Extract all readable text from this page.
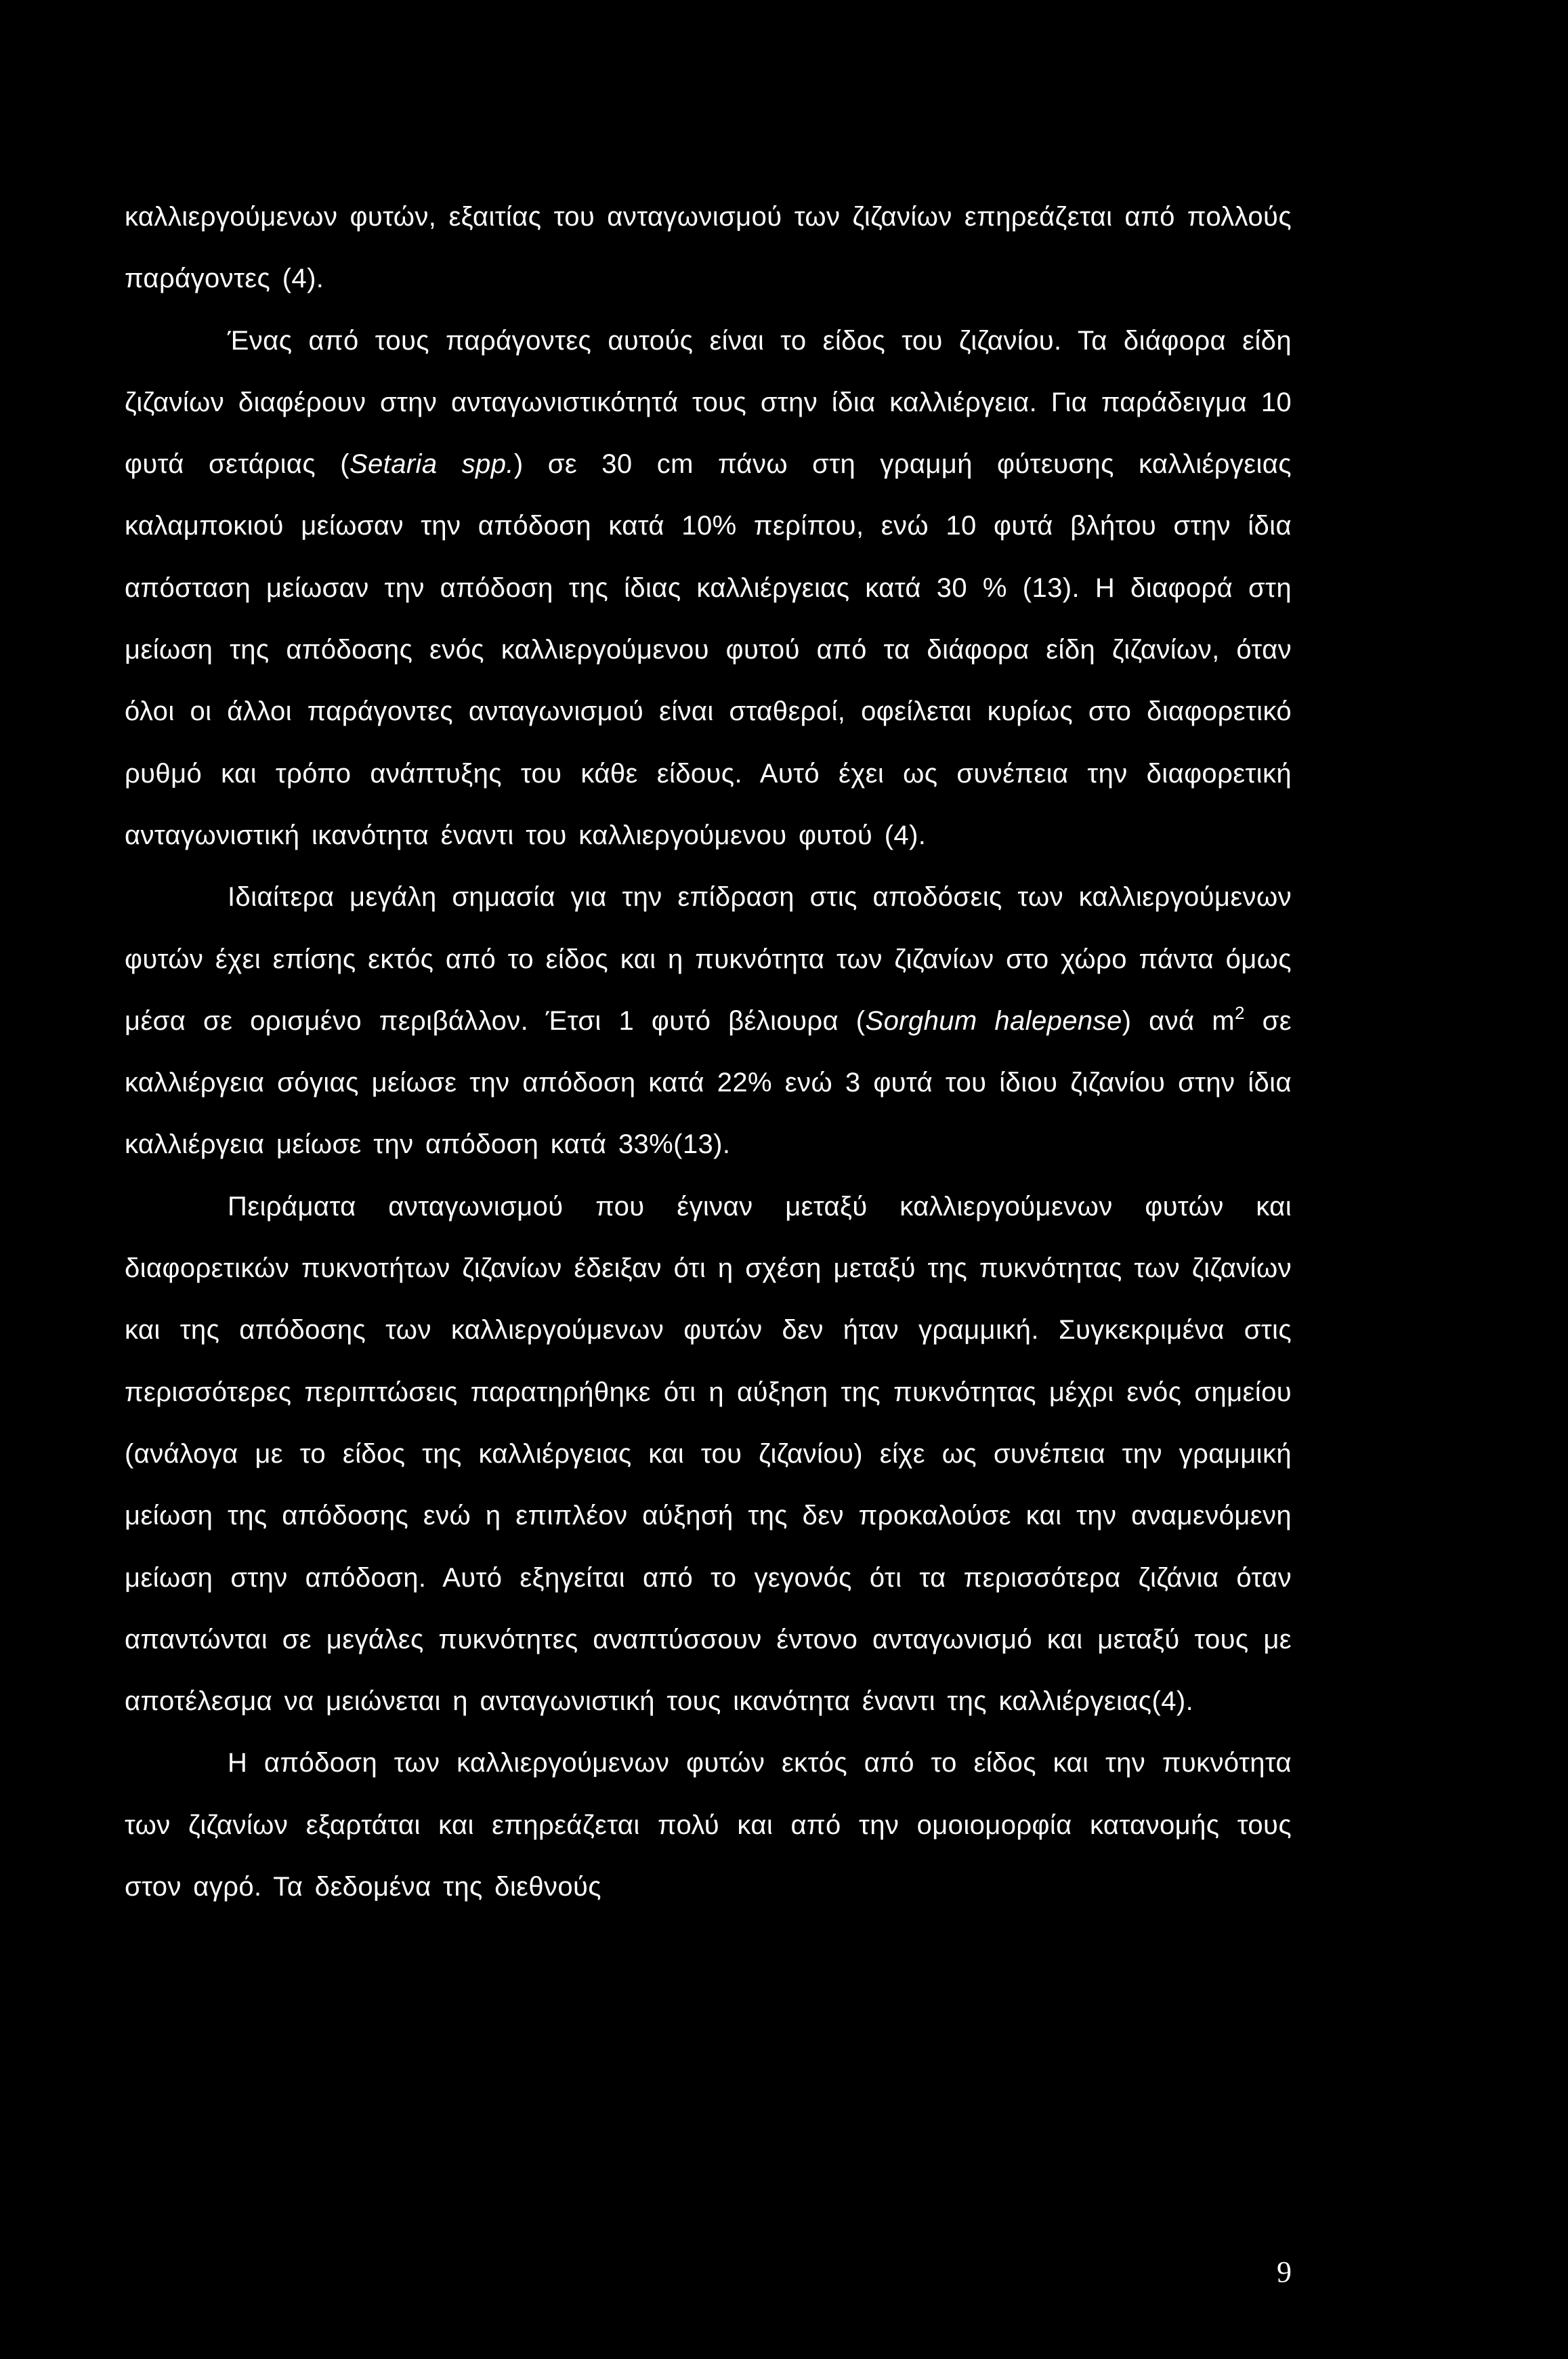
καλλιεργούμενων φυτών, εξαιτίας του ανταγωνισμού των ζιζανίων επηρεάζεται από πολλούς παράγοντες (4).

Ένας από τους παράγοντες αυτούς είναι το είδος του ζιζανίου. Τα διάφορα είδη ζιζανίων διαφέρουν στην ανταγωνιστικότητά τους στην ίδια καλλιέργεια. Για παράδειγμα 10 φυτά σετάριας (Setaria spp.) σε 30 cm πάνω στη γραμμή φύτευσης καλλιέργειας καλαμποκιού μείωσαν την απόδοση κατά 10% περίπου, ενώ 10 φυτά βλήτου στην ίδια απόσταση μείωσαν την απόδοση της ίδιας καλλιέργειας κατά 30 % (13). Η διαφορά στη μείωση της απόδοσης ενός καλλιεργούμενου φυτού από τα διάφορα είδη ζιζανίων, όταν όλοι οι άλλοι παράγοντες ανταγωνισμού είναι σταθεροί, οφείλεται κυρίως στο διαφορετικό ρυθμό και τρόπο ανάπτυξης του κάθε είδους. Αυτό έχει ως συνέπεια την διαφορετική ανταγωνιστική ικανότητα έναντι του καλλιεργούμενου φυτού (4).

Ιδιαίτερα μεγάλη σημασία για την επίδραση στις αποδόσεις των καλλιεργούμενων φυτών έχει επίσης εκτός από το είδος και η πυκνότητα των ζιζανίων στο χώρο πάντα όμως μέσα σε ορισμένο περιβάλλον. Έτσι 1 φυτό βέλιουρα (Sorghum halepense) ανά $m^2$ σε καλλιέργεια σόγιας μείωσε την απόδοση κατά 22% ενώ 3 φυτά του ίδιου ζιζανίου στην ίδια καλλιέργεια μείωσε την απόδοση κατά 33%(13).

Πειράματα ανταγωνισμού που έγιναν μεταξύ καλλιεργούμενων φυτών και διαφορετικών πυκνοτήτων ζιζανίων έδειξαν ότι η σχέση μεταξύ της πυκνότητας των ζιζανίων και της απόδοσης των καλλιεργούμενων φυτών δεν ήταν γραμμική. Συγκεκριμένα στις περισσότερες περιπτώσεις παρατηρήθηκε ότι η αύξηση της πυκνότητας μέχρι ενός σημείου (ανάλογα με το είδος της καλλιέργειας και του ζιζανίου) είχε ως συνέπεια την γραμμική μείωση της απόδοσης ενώ η επιπλέον αύξησή της δεν προκαλούσε και την αναμενόμενη μείωση στην απόδοση. Αυτό εξηγείται από το γεγονός ότι τα περισσότερα ζιζάνια όταν απαντώνται σε μεγάλες πυκνότητες αναπτύσσουν έντονο ανταγωνισμό και μεταξύ τους με αποτέλεσμα να μειώνεται η ανταγωνιστική τους ικανότητα έναντι της καλλιέργειας(4).

Η απόδοση των καλλιεργούμενων φυτών εκτός από το είδος και την πυκνότητα των ζιζανίων εξαρτάται και επηρεάζεται πολύ και από την ομοιομορφία κατανομής τους στον αγρό. Τα δεδομένα της διεθνούς

9
